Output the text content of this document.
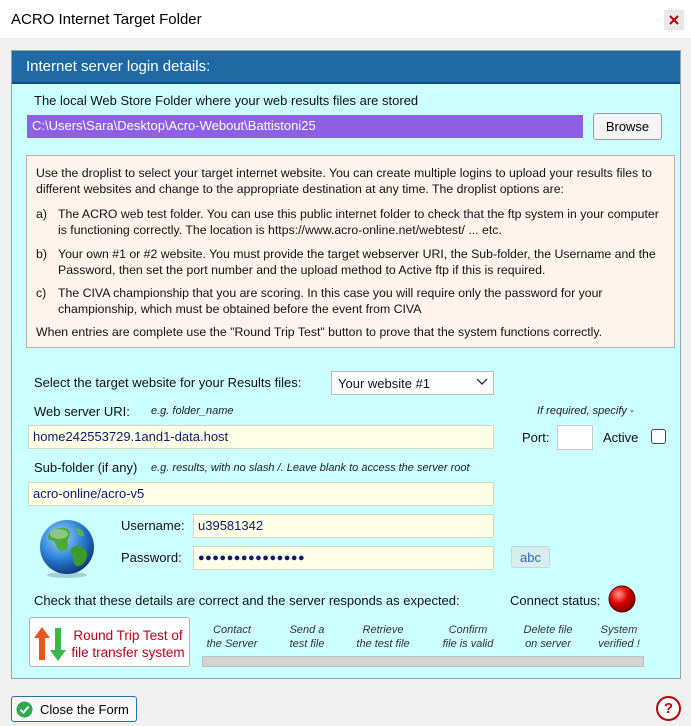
ACRO Internet Target Folder
Internet server login details:
The local Web Store Folder where your web results files are stored
C:\Users\Sara\Desktop\Acro-Webout\Battistoni25	Browse
Use the droplist to select your target internet website. You can create multiple logins to upload your results files to different websites and change to the appropriate destination at any time. The droplist options are:
a) The ACRO web test folder. You can use this public internet folder to check that the ftp system in your computer is functioning correctly. The location is https://www.acro-online.net/webtest/ ... etc.
b) Your own #1 or #2 website. You must provide the target webserver URI, the Sub-folder, the Username and the Password, then set the port number and the upload method to Active ftp if this is required.
c) The CIVA championship that you are scoring. In this case you will require only the password for your championship, which must be obtained before the event from CIVA
When entries are complete use the "Round Trip Test" button to prove that the system functions correctly.
Select the target website for your Results files:	Your website #1
Web server URI: e.g. folder_name	If required, specify -
home242553729.1and1-data.host	Port:	Active
Sub-folder (if any) e.g. results, with no slash /. Leave blank to access the server root
acro-online/acro-v5
Username:	u39581342
Password:	●●●●●●●●●●●●●●●	abc
Check that these details are correct and the server responds as expected:	Connect status:
Round Trip Test of
file transfer system
Contact
the Server
Send a
test file
Retrieve
the test file
Confirm
file is valid
Delete file
on server
System
verified !
Close the Form	?
